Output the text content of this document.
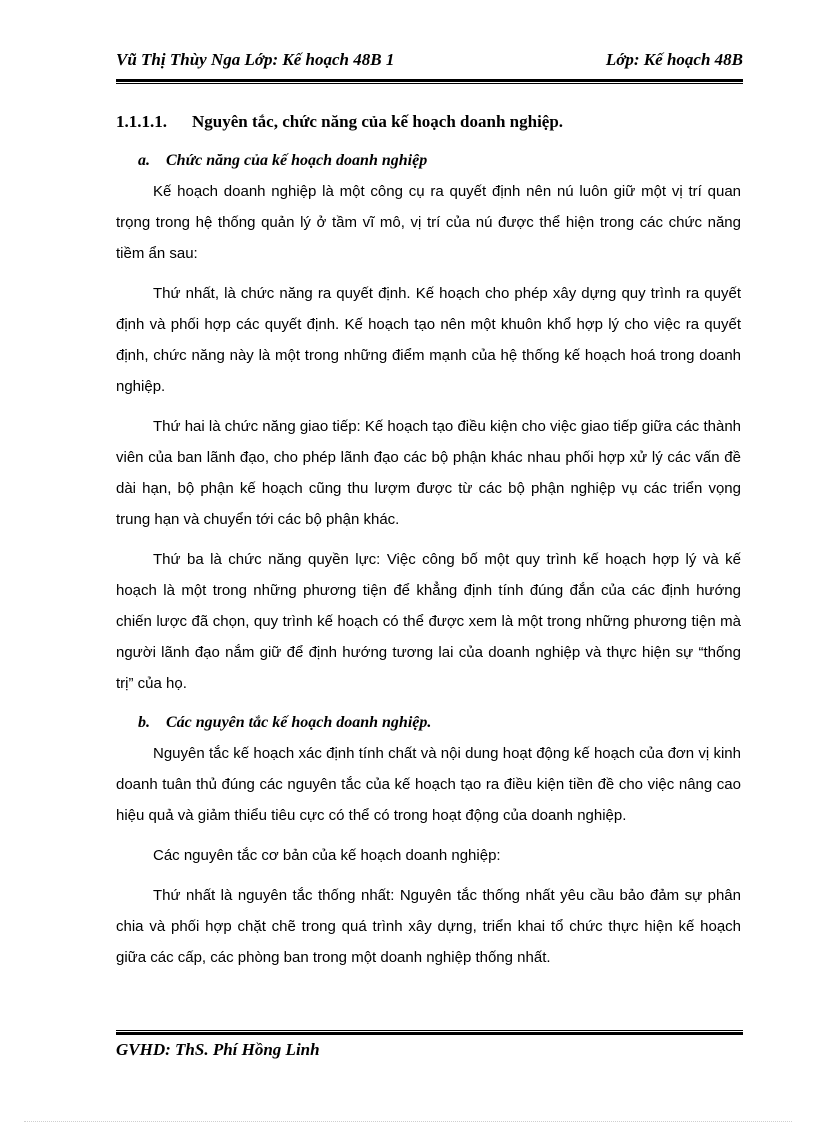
Vũ Thị Thùy Nga Lớp: Kế hoạch 48B 1	Lớp: Kế hoạch 48B
1.1.1.1. Nguyên tắc, chức năng của kế hoạch doanh nghiệp.
a. Chức năng của kế hoạch doanh nghiệp

Kế hoạch doanh nghiệp là một công cụ ra quyết định nên nú luôn giữ một vị trí quan trọng trong hệ thống quản lý ở tầm vĩ mô, vị trí của nú được thể hiện trong các chức năng tiềm ẩn sau:

Thứ nhất, là chức năng ra quyết định. Kế hoạch cho phép xây dựng quy trình ra quyết định và phối hợp các quyết định. Kế hoạch tạo nên một khuôn khổ hợp lý cho việc ra quyết định, chức năng này là một trong những điểm mạnh của hệ thống kế hoạch hoá trong doanh nghiệp.

Thứ hai là chức năng giao tiếp: Kế hoạch tạo điều kiện cho việc giao tiếp giữa các thành viên của ban lãnh đạo, cho phép lãnh đạo các bộ phận khác nhau phối hợp xử lý các vấn đề dài hạn, bộ phận kế hoạch cũng thu lượm được từ các bộ phận nghiệp vụ các triển vọng trung hạn và chuyển tới các bộ phận khác.

Thứ ba là chức năng quyền lực: Việc công bố một quy trình kế hoạch hợp lý và kế hoạch là một trong những phương tiện để khẳng định tính đúng đắn của các định hướng chiến lược đã chọn, quy trình kế hoạch có thể được xem là một trong những phương tiện mà người lãnh đạo nắm giữ để định hướng tương lai của doanh nghiệp và thực hiện sự “thống trị” của họ.

b. Các nguyên tắc kế hoạch doanh nghiệp.

Nguyên tắc kế hoạch xác định tính chất và nội dung hoạt động kế hoạch của đơn vị kinh doanh tuân thủ đúng các nguyên tắc của kế hoạch tạo ra điều kiện tiền đề cho việc nâng cao hiệu quả và giảm thiểu tiêu cực có thể có trong hoạt động của doanh nghiệp.

Các nguyên tắc cơ bản của kế hoạch doanh nghiệp:

Thứ nhất là nguyên tắc thống nhất: Nguyên tắc thống nhất yêu cầu bảo đảm sự phân chia và phối hợp chặt chẽ trong quá trình xây dựng, triển khai tổ chức thực hiện kế hoạch giữa các cấp, các phòng ban trong một doanh nghiệp thống nhất.

GVHD: ThS. Phí Hồng Linh
